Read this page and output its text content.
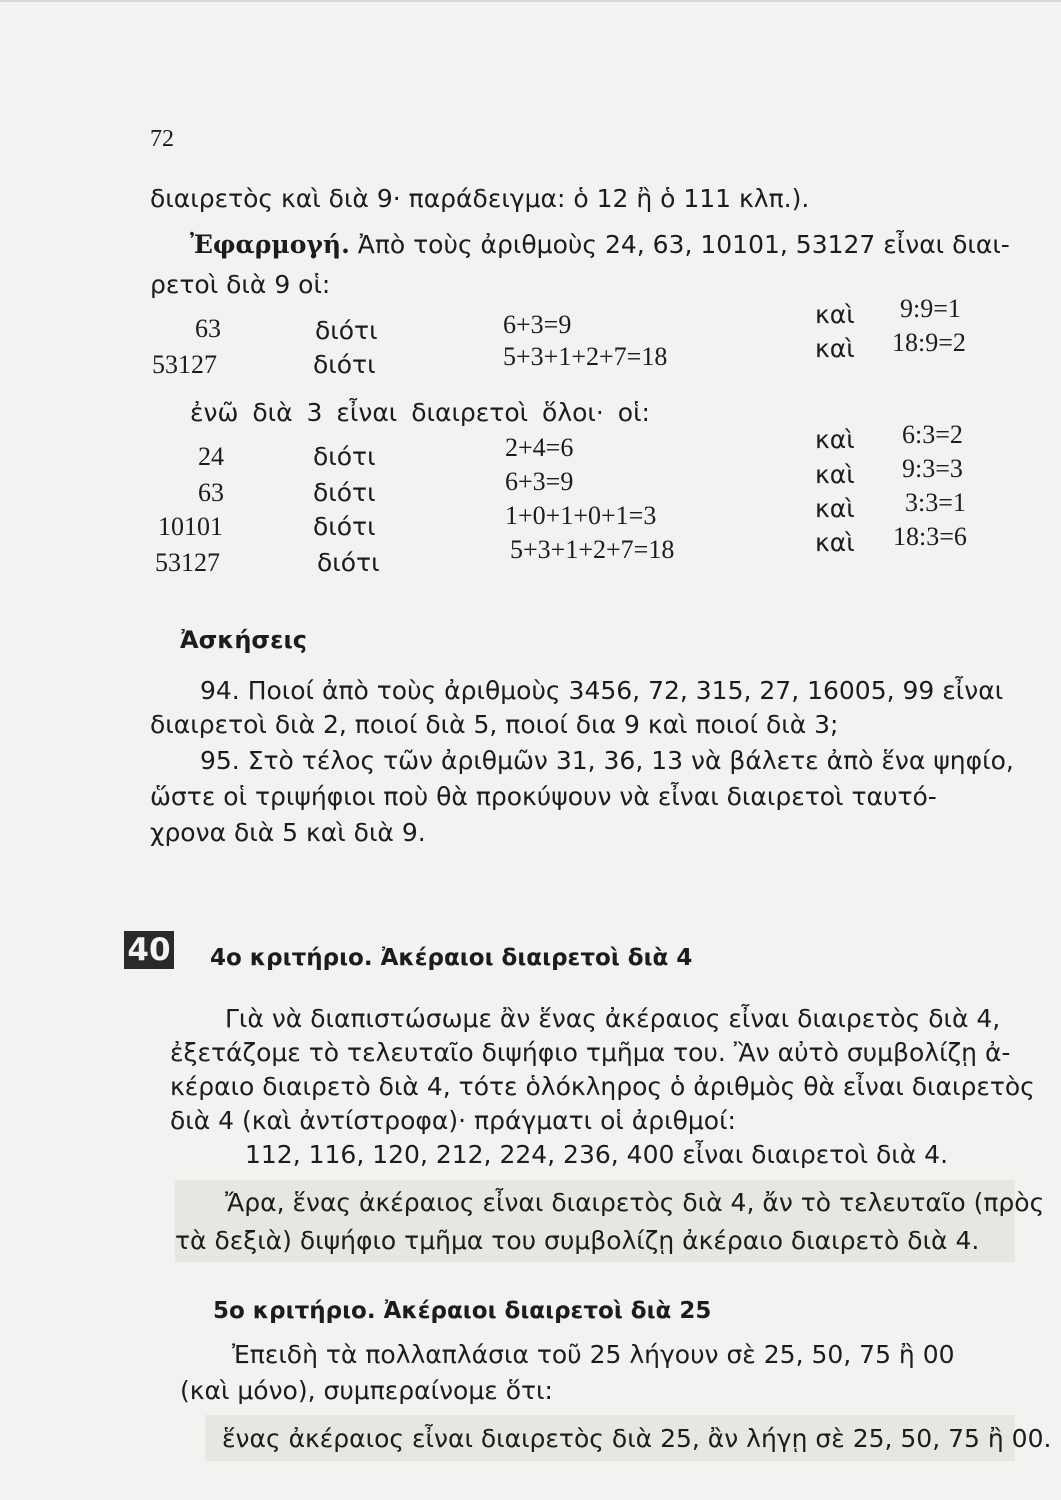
72
διαιρετὸς καὶ διὰ 9· παράδειγμα: ὁ 12 ἢ ὁ 111 κλπ.).
Ἐφαρμογή. Ἀπὸ τοὺς ἀριθμοὺς 24, 63, 10101, 53127 εἶναι διαι-
ρετοὶ διὰ 9 οἱ:
63	διότι	6+3=9	καὶ 9:9=1
53127	διότι	5+3+1+2+7=18	καὶ 18:9=2
ἐνῶ διὰ 3 εἶναι διαιρετοὶ ὅλοι· οἱ:
24	διότι	2+4=6	καὶ 6:3=2
63	διότι	6+3=9	καὶ 9:3=3
10101	διότι	1+0+1+0+1=3	καὶ 3:3=1
53127	διότι	5+3+1+2+7=18	καὶ 18:3=6
Ἀσκήσεις
94. Ποιοί ἀπὸ τοὺς ἀριθμοὺς 3456, 72, 315, 27, 16005, 99 εἶναι
διαιρετοὶ διὰ 2, ποιοί διὰ 5, ποιοί δια 9 καὶ ποιοί διὰ 3;
95. Στὸ τέλος τῶν ἀριθμῶν 31, 36, 13 νὰ βάλετε ἀπὸ ἕνα ψηφίο,
ὥστε οἱ τριψήφιοι ποὺ θὰ προκύψουν νὰ εἶναι διαιρετοὶ ταυτό-
χρονα διὰ 5 καὶ διὰ 9.
40 4ο κριτήριο. Ἀκέραιοι διαιρετοὶ διὰ 4
Γιὰ νὰ διαπιστώσωμε ἂν ἕνας ἀκέραιος εἶναι διαιρετὸς διὰ 4,
ἐξετάζομε τὸ τελευταῖο διψήφιο τμῆμα του. Ἂν αὐτὸ συμβολίζῃ ἀ-
κέραιο διαιρετὸ διὰ 4, τότε ὁλόκληρος ὁ ἀριθμὸς θὰ εἶναι διαιρετὸς
διὰ 4 (καὶ ἀντίστροφα)· πράγματι οἱ ἀριθμοί:
112, 116, 120, 212, 224, 236, 400 εἶναι διαιρετοὶ διὰ 4.
Ἄρα, ἕνας ἀκέραιος εἶναι διαιρετὸς διὰ 4, ἄν τὸ τελευταῖο (πρὸς
τὰ δεξιὰ) διψήφιο τμῆμα του συμβολίζῃ ἀκέραιο διαιρετὸ διὰ 4.
5ο κριτήριο. Ἀκέραιοι διαιρετοὶ διὰ 25
Ἐπειδὴ τὰ πολλαπλάσια τοῦ 25 λήγουν σὲ 25, 50, 75 ἢ 00
(καὶ μόνο), συμπεραίνομε ὅτι:
ἕνας ἀκέραιος εἶναι διαιρετὸς διὰ 25, ἂν λήγῃ σὲ 25, 50, 75 ἢ 00.
